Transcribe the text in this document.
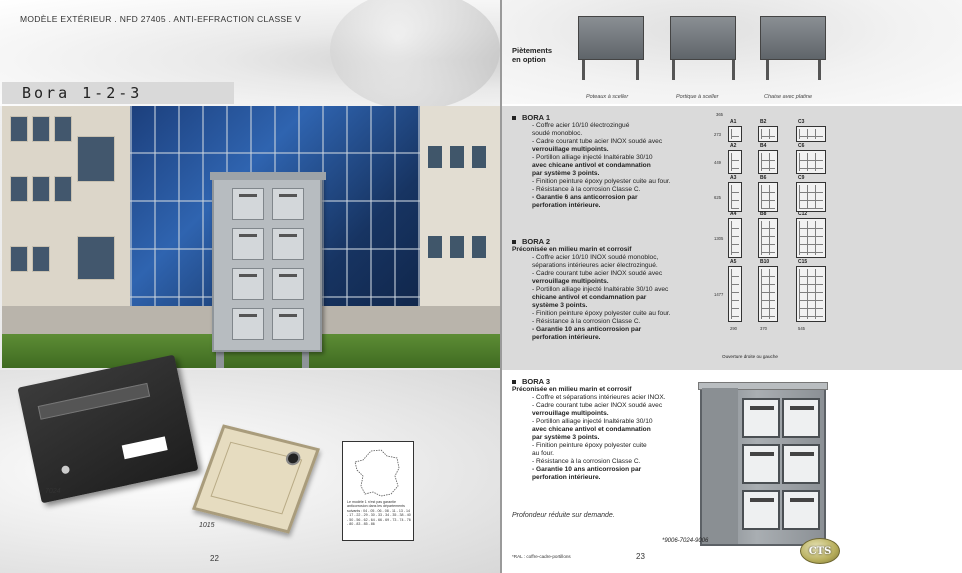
MODÈLE EXTÉRIEUR . NFD 27405 . ANTI-EFFRACTION CLASSE V
Bora 1-2-3
7024
1015
Le modèle 1 n'est pas garantie anticorrosion dans les départements suivants : 04 - 05 - 06 - 08 - 11 - 13 - 14 - 17 - 22 - 29 - 30 - 33 - 34 - 35 - 38 - 40 - 50 - 56 - 62 - 64 - 66 - 69 - 73 - 74 - 76 - 80 - 83 - 85 - 86
22
Piètements
en option
Poteaux à sceller	Portique à sceller	Chaise avec platine
BORA 1
- Coffre acier 10/10 électrozingué
soudé monobloc.
- Cadre courant tube acier INOX soudé avec
verrouillage multipoints.
- Portillon alliage injecté Inaltérable 30/10
avec chicane antivol et condamnation
par système 3 points.
- Finition peinture époxy polyester cuite au four.
- Résistance à la corrosion Classe C.
- Garantie 6 ans anticorrosion par
perforation intérieure.
BORA 2
Préconisée en milieu marin et corrosif
- Coffre acier 10/10 INOX soudé monobloc,
séparations intérieures acier électrozingué.
- Cadre courant tube acier INOX soudé avec
verrouillage multipoints.
- Portillon alliage injecté Inaltérable 30/10 avec
chicane antivol et condamnation par
système 3 points.
- Finition peinture époxy polyester cuite au four.
- Résistance à la corrosion Classe C.
- Garantie 10 ans anticorrosion par
perforation intérieure.
A1
A2
A3
A4
A5
B2
B4
B6
B8
B10
C3
C6
C9
C12
C15
273
449
625
1305
1477
365
290	370	545
Ouverture droite ou gauche
BORA 3
Préconisée en milieu marin et corrosif
- Coffre et séparations intérieures acier INOX.
- Cadre courant tube acier INOX soudé avec
verrouillage multipoints.
- Portillon alliage injecté Inaltérable 30/10
avec chicane antivol et condamnation
par système 3 points.
- Finition peinture époxy polyester cuite
au four.
- Résistance à la corrosion Classe C.
- Garantie 10 ans anticorrosion par
perforation intérieure.
Profondeur réduite sur demande.
*9006-7024-9006
*RAL : coffre-cadre-portillons	23	CTS
